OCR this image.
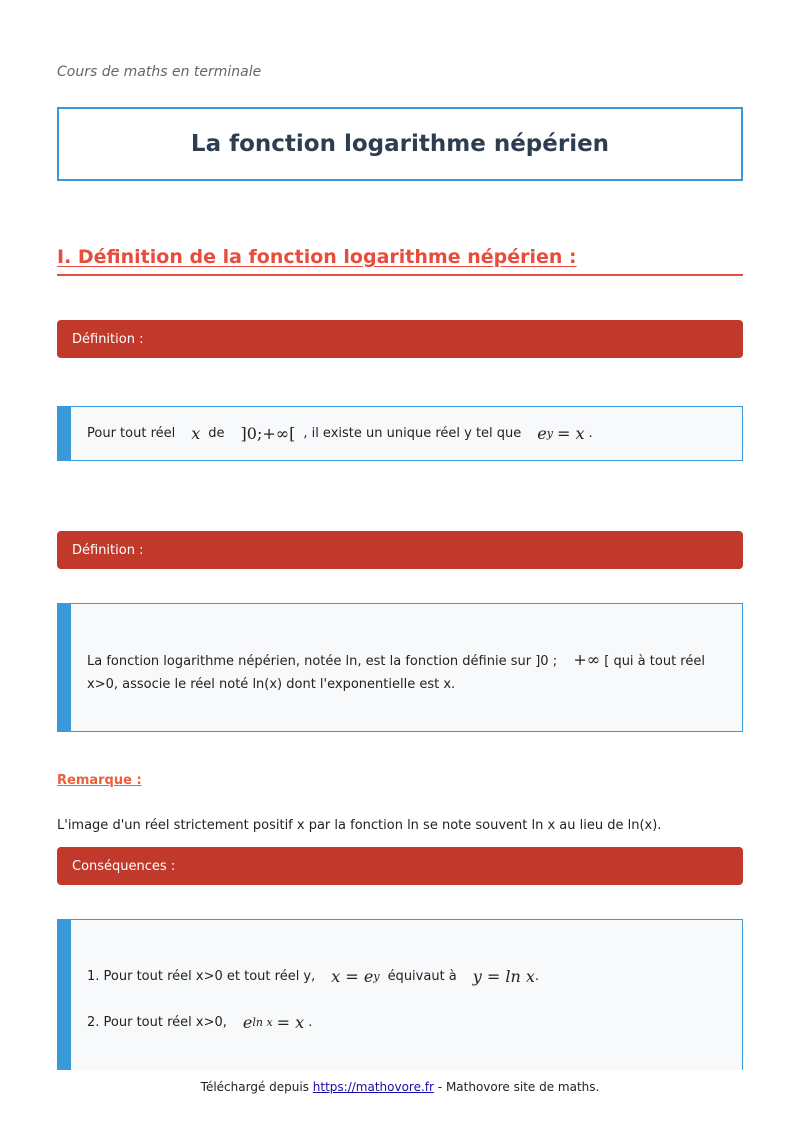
Cours de maths en terminale
La fonction logarithme népérien
I. Définition de la fonction logarithme népérien :
Définition :
Pour tout réel x de ]0;+∞[ , il existe un unique réel y tel que e y = x .
Définition :
La fonction logarithme népérien, notée ln, est la fonction définie sur ]0 ; +∞ [ qui à tout réel
x>0, associe le réel noté ln(x) dont l'exponentielle est x.
Remarque :
L'image d'un réel strictement positif x par la fonction ln se note souvent ln x au lieu de ln(x).
Conséquences :
1. Pour tout réel x>0 et tout réel y, x = e y équivaut à y = ln x .
2. Pour tout réel x>0, e ln x = x .
Téléchargé depuis https://mathovore.fr - Mathovore site de maths.
